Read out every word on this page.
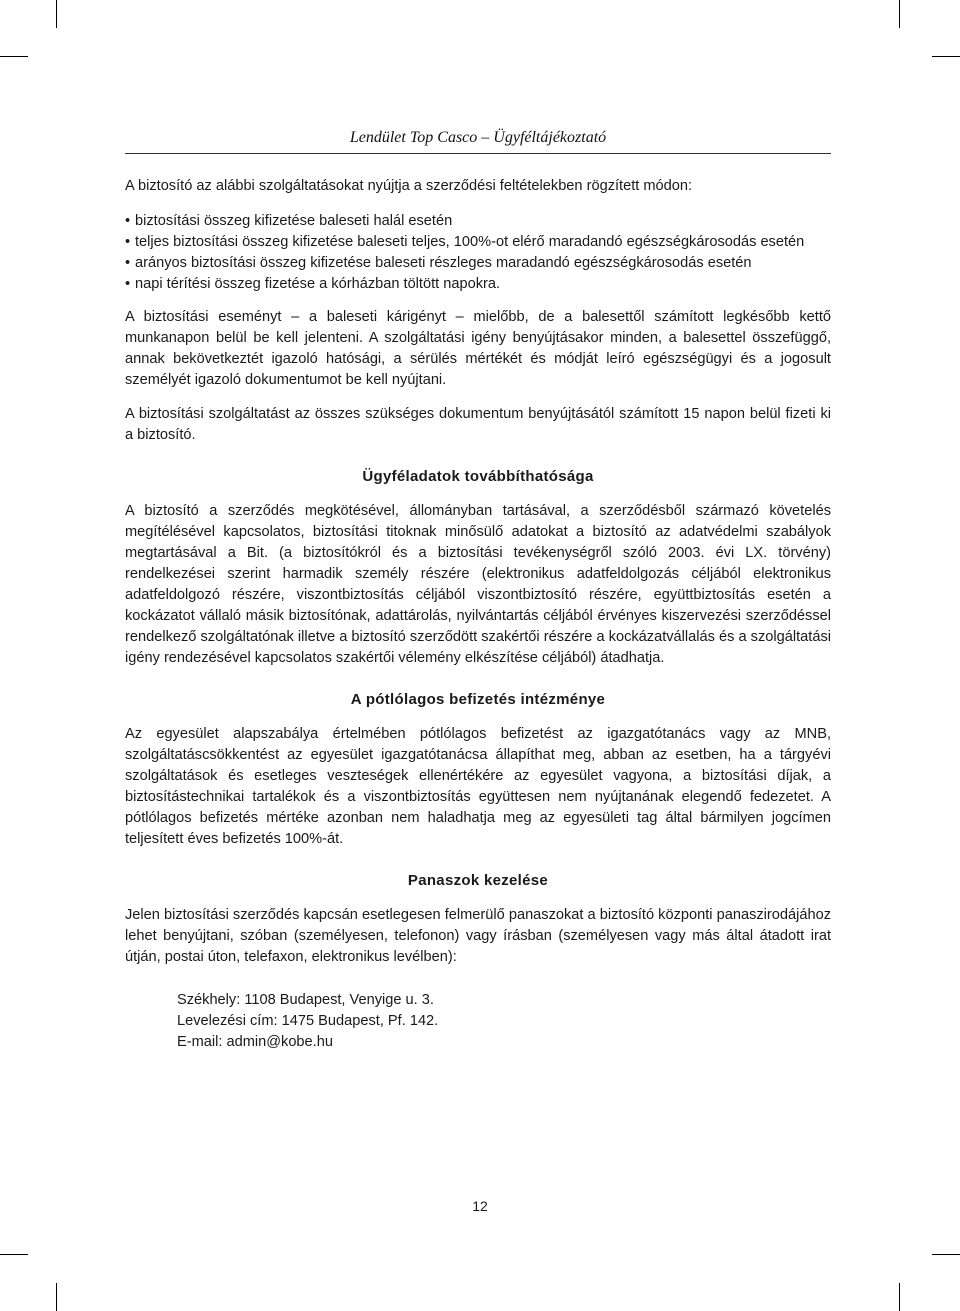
Lendület Top Casco – Ügyféltájékoztató

A biztosító az alábbi szolgáltatásokat nyújtja a szerződési feltételekben rögzített módon:

• biztosítási összeg kifizetése baleseti halál esetén
• teljes biztosítási összeg kifizetése baleseti teljes, 100%-ot elérő maradandó egészségkárosodás esetén
• arányos biztosítási összeg kifizetése baleseti részleges maradandó egészségkárosodás esetén
• napi térítési összeg fizetése a kórházban töltött napokra.

A biztosítási eseményt – a baleseti kárigényt – mielőbb, de a balesettől számított legkésőbb kettő munkanapon belül be kell jelenteni. A szolgáltatási igény benyújtásakor minden, a balesettel összefüggő, annak bekövetkeztét igazoló hatósági, a sérülés mértékét és módját leíró egészségügyi és a jogosult személyét igazoló dokumentumot be kell nyújtani.

A biztosítási szolgáltatást az összes szükséges dokumentum benyújtásától számított 15 napon belül fizeti ki a biztosító.

Ügyféladatok továbbíthatósága

A biztosító a szerződés megkötésével, állományban tartásával, a szerződésből származó követelés megítélésével kapcsolatos, biztosítási titoknak minősülő adatokat a biztosító az adatvédelmi szabályok megtartásával a Bit. (a biztosítókról és a biztosítási tevékenységről szóló 2003. évi LX. törvény) rendelkezései szerint harmadik személy részére (elektronikus adatfeldolgozás céljából elektronikus adatfeldolgozó részére, viszontbiztosítás céljából viszontbiztosító részére, együttbiztosítás esetén a kockázatot vállaló másik biztosítónak, adattárolás, nyilvántartás céljából érvényes kiszervezési szerződéssel rendelkező szolgáltatónak illetve a biztosító szerződött szakértői részére a kockázatvállalás és a szolgáltatási igény rendezésével kapcsolatos szakértői vélemény elkészítése céljából) átadhatja.

A pótlólagos befizetés intézménye

Az egyesület alapszabálya értelmében pótlólagos befizetést az igazgatótanács vagy az MNB, szolgáltatáscsökkentést az egyesület igazgatótanácsa állapíthat meg, abban az esetben, ha a tárgyévi szolgáltatások és esetleges veszteségek ellenértékére az egyesület vagyona, a biztosítási díjak, a biztosítástechnikai tartalékok és a viszontbiztosítás együttesen nem nyújtanának elegendő fedezetet. A pótlólagos befizetés mértéke azonban nem haladhatja meg az egyesületi tag által bármilyen jogcímen teljesített éves befizetés 100%-át.

Panaszok kezelése

Jelen biztosítási szerződés kapcsán esetlegesen felmerülő panaszokat a biztosító központi panaszirodájához lehet benyújtani, szóban (személyesen, telefonon) vagy írásban (személyesen vagy más által átadott irat útján, postai úton, telefaxon, elektronikus levélben):

Székhely: 1108 Budapest, Venyige u. 3.

Levelezési cím: 1475 Budapest, Pf. 142.

E-mail: admin@kobe.hu

12
